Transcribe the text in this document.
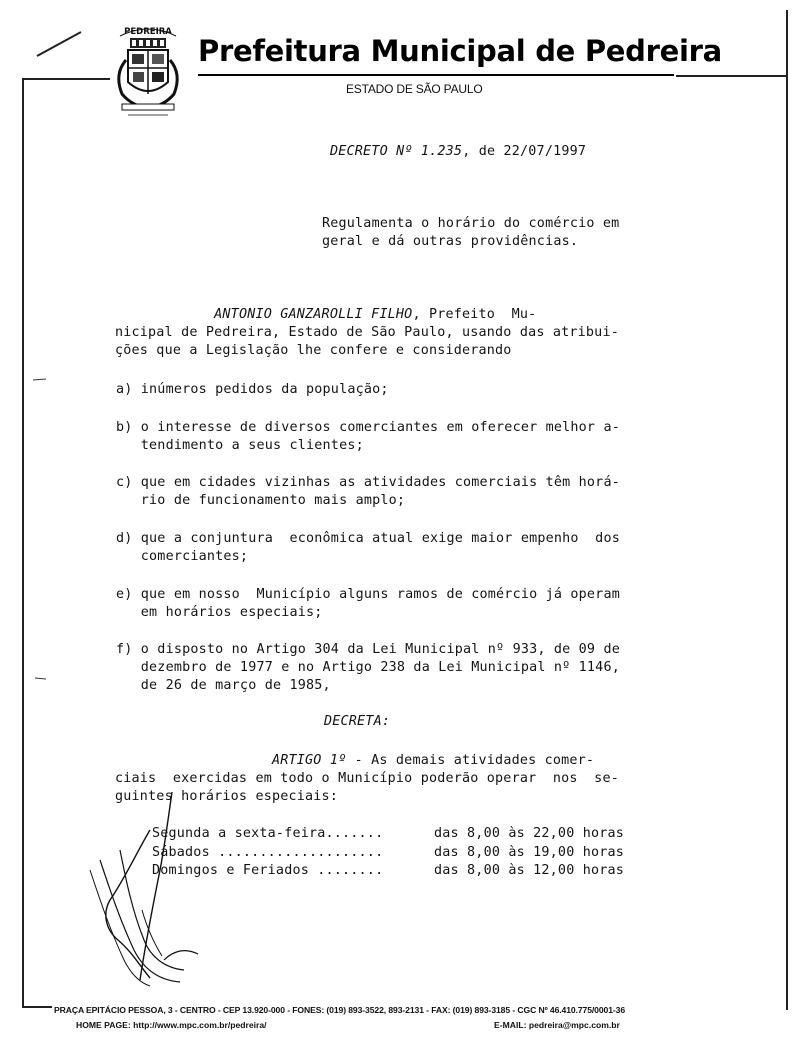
PEDREIRA
Prefeitura Municipal de Pedreira
ESTADO DE SÃO PAULO
DECRETO Nº 1.235, de 22/07/1997
Regulamenta o horário do comércio em
geral e dá outras providências.
ANTONIO GANZAROLLI FILHO, Prefeito  Mu-
nicipal de Pedreira, Estado de São Paulo, usando das atribui-
ções que a Legislação lhe confere e considerando
a) inúmeros pedidos da população;
b) o interesse de diversos comerciantes em oferecer melhor a-
tendimento a seus clientes;
c) que em cidades vizinhas as atividades comerciais têm horá-
rio de funcionamento mais amplo;
d) que a conjuntura  econômica atual exige maior empenho  dos
comerciantes;
e) que em nosso  Município alguns ramos de comércio já operam
em horários especiais;
f) o disposto no Artigo 304 da Lei Municipal nº 933, de 09 de
dezembro de 1977 e no Artigo 238 da Lei Municipal nº 1146,
de 26 de março de 1985,
DECRETA:
ARTIGO 1º - As demais atividades comer-
ciais  exercidas em todo o Município poderão operar  nos  se-
guintes horários especiais:
Segunda a sexta-feira.......	das 8,00 às 22,00 horas
Sábados ....................	das 8,00 às 19,00 horas
Domingos e Feriados ........	das 8,00 às 12,00 horas
PRAÇA EPITÁCIO PESSOA, 3 - CENTRO - CEP 13.920-000 - FONES: (019) 893-3522, 893-2131 - FAX: (019) 893-3185 - CGC Nº 46.410.775/0001-36
HOME PAGE: http://www.mpc.com.br/pedreira/	E-MAIL: pedreira@mpc.com.br
